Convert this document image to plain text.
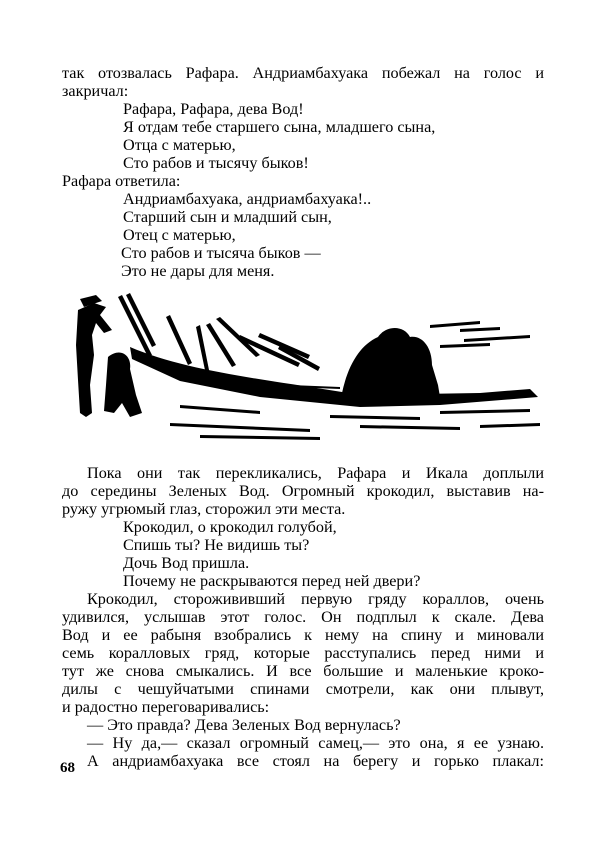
так отозвалась Рафара. Андриамбахуака побежал на голос и
закричал:
Рафара, Рафара, дева Вод!
Я отдам тебе старшего сына, младшего сына,
Отца с матерью,
Сто рабов и тысячу быков!
Рафара ответила:
Андриамбахуака, андриамбахуака!..
Старший сын и младший сын,
Отец с матерью,
Сто рабов и тысяча быков —
Это не дары для меня.
Пока они так перекликались, Рафара и Икала доплыли
до середины Зеленых Вод. Огромный крокодил, выставив на-
ружу угрюмый глаз, сторожил эти места.
Крокодил, о крокодил голубой,
Спишь ты? Не видишь ты?
Дочь Вод пришла.
Почему не раскрываются перед ней двери?
Крокодил, сторожививший первую гряду кораллов, очень
удивился, услышав этот голос. Он подплыл к скале. Дева
Вод и ее рабыня взобрались к нему на спину и миновали
семь коралловых гряд, которые расступались перед ними и
тут же снова смыкались. И все большие и маленькие кроко-
дилы с чешуйчатыми спинами смотрели, как они плывут,
и радостно переговаривались:
— Это правда? Дева Зеленых Вод вернулась?
— Ну да,— сказал огромный самец,— это она, я ее узнаю.
А андриамбахуака все стоял на берегу и горько плакал:
68
